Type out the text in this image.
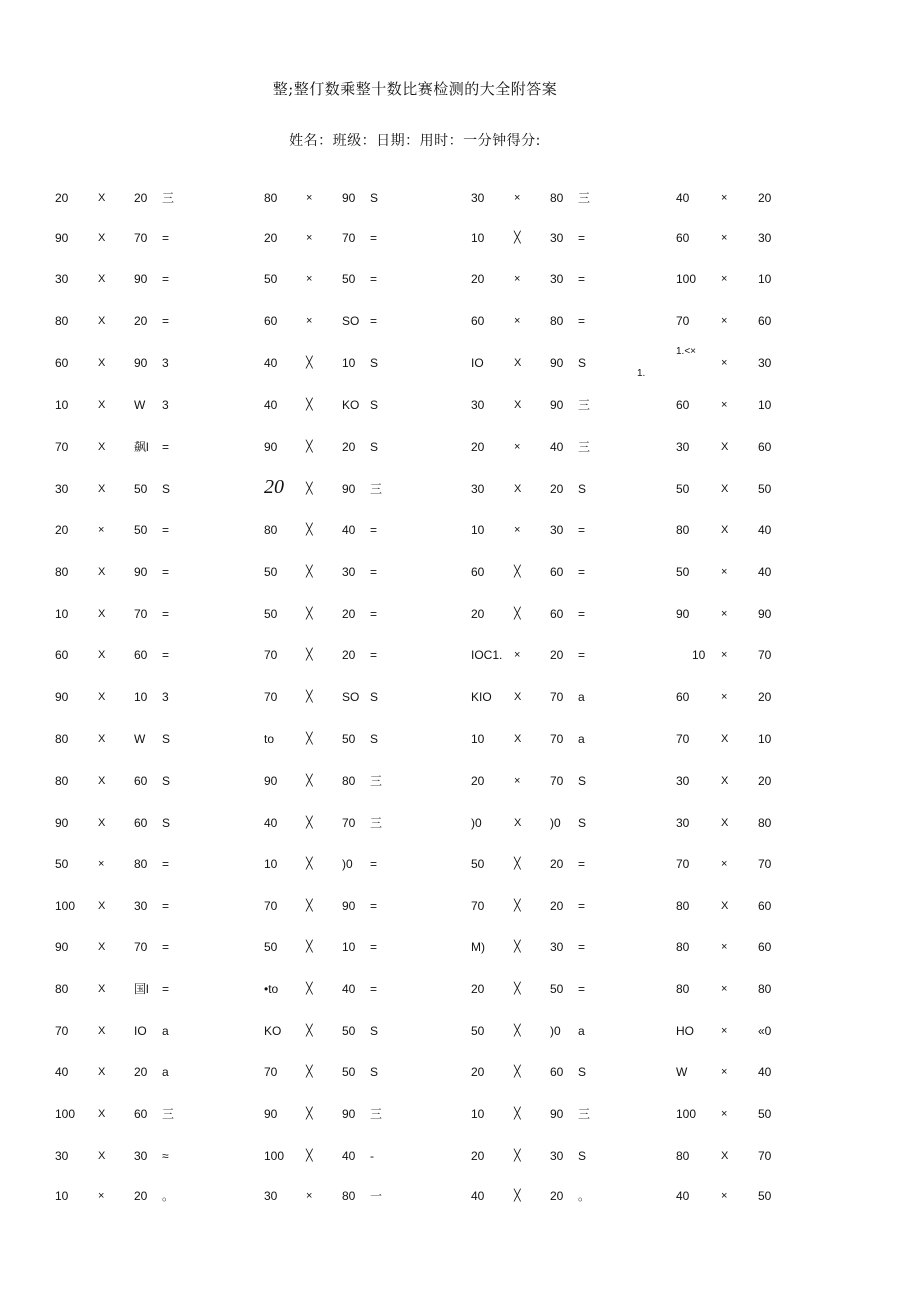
整;整仃数乘整十数比赛检测的大全附答案
姓名：班级：日期：用时：一分钟得分:
1.<×
1.
20	X 20 三	80	× 90 S	30	× 80 三	40	×	20
90	X 70 =	20	× 70 =	10	╳ 30 =	60	×	30
30	X 90 =	50	× 50 =	20	× 30 =	100 ×	10
80	X 20 =	60	× SO =	60	× 80 =	70	×	60
60	X 90 3	40	╳ 10 S	IO	X 90 S	×	30
10	X W 3	40	╳ KO S	30	X 90 三	60	×	10
70	X 飙l =	90	╳ 20 S	20	× 40 三	30	X 60
30	X 50 S	20 ╳ 90 三	30	X 20 S	50	X 50
20	× 50 =	80	╳ 40 =	10	× 30 =	80	X 40
80	X 90 =	50	╳ 30 =	60	╳ 60 =	50	×	40
10	X 70 =	50	╳ 20 =	20	╳ 60 =	90	×	90
60	X 60 =	70	╳ 20 =	IOC1. × 20 =	10 ×	70
90	X 10 3	70	╳ SO S	KIO X 70 a	60	×	20
80	X W S	to	╳ 50 S	10	X 70 a	70	X 10
80	X 60 S	90	╳ 80 三	20	× 70 S	30	X 20
90	X 60 S	40	╳ 70 三	)0	X )0 S	30	X 80
50	× 80 =	10	╳ )0 =	50	╳ 20 =	70	×	70
100 X 30 =	70	╳ 90 =	70	╳ 20 =	80	X 60
90	X 70 =	50	╳ 10 =	M)	╳ 30 =	80	×	60
80	X 国l =	•to	╳ 40 =	20	╳ 50 =	80	×	80
70	X IO a	KO ╳ 50 S	50	╳ )0 a	HO ×	«0
40	X 20 a	70	╳ 50 S	20	╳ 60 S	W	×	40
100 X 60 三	90	╳ 90 三	10	╳ 90 三	100 ×	50
30	X 30 ≈	100 ╳ 40 -	20	╳ 30 S	80	X 70
10	× 20 。	30	× 80 一	40	╳ 20 。	40	×	50
